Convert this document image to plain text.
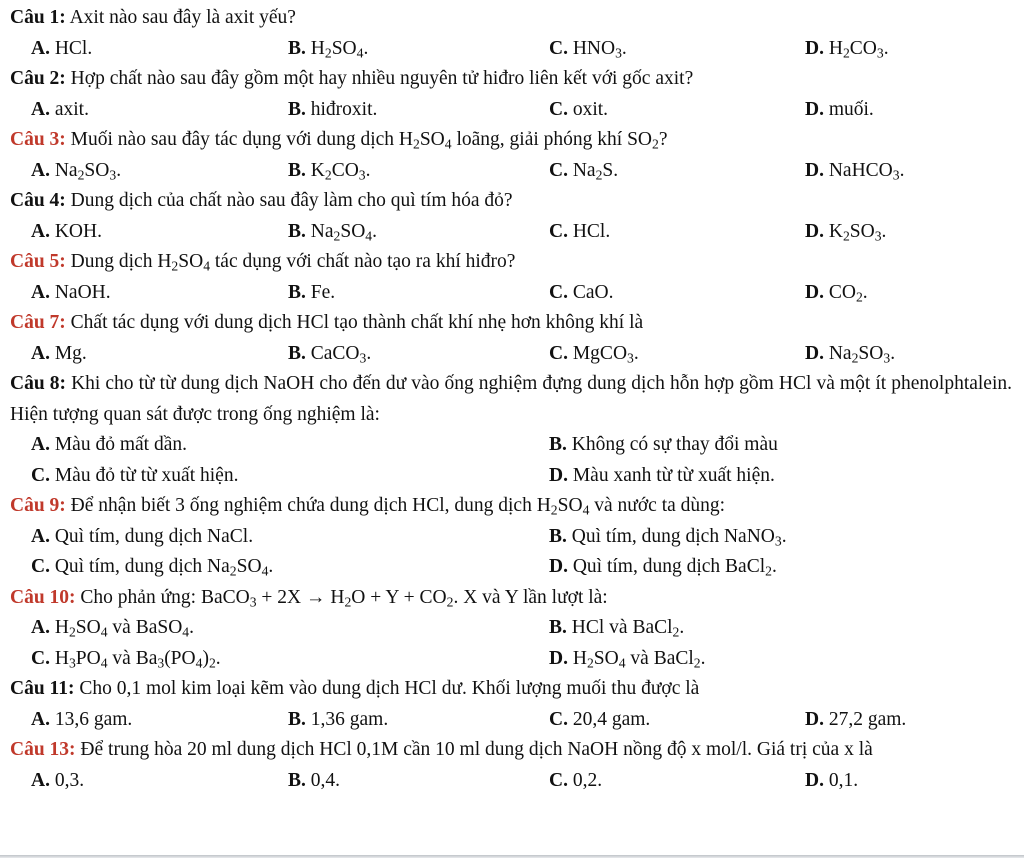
Câu 1: Axit nào sau đây là axit yếu?
A. HCl.	B. $H_2SO_4$.	C. $HNO_3$.	D. $H_2CO_3$.
Câu 2: Hợp chất nào sau đây gồm một hay nhiều nguyên tử hiđro liên kết với gốc axit?
A. axit.	B. hiđroxit.	C. oxit.	D. muối.
Câu 3: Muối nào sau đây tác dụng với dung dịch $H_2SO_4$ loãng, giải phóng khí $SO_2$?
A. $Na_2SO_3$.	B. $K_2CO_3$.	C. $Na_2S$.	D. NaHCO$_3$.
Câu 4: Dung dịch của chất nào sau đây làm cho quì tím hóa đỏ?
A. KOH.	B. $Na_2SO_4$.	C. HCl.	D. $K_2SO_3$.
Câu 5: Dung dịch $H_2SO_4$ tác dụng với chất nào tạo ra khí hiđro?
A. NaOH.	B. Fe.	C. CaO.	D. $CO_2$.
Câu 7: Chất tác dụng với dung dịch HCl tạo thành chất khí nhẹ hơn không khí là
A. Mg.	B. CaCO$_3$.	C. MgCO$_3$.	D. $Na_2SO_3$.
Câu 8: Khi cho từ từ dung dịch NaOH cho đến dư vào ống nghiệm đựng dung dịch hỗn hợp gồm HCl và một ít phenolphtalein. Hiện tượng quan sát được trong ống nghiệm là:
A. Màu đỏ mất dần.	B. Không có sự thay đổi màu
C. Màu đỏ từ từ xuất hiện.	D. Màu xanh từ từ xuất hiện.
Câu 9: Để nhận biết 3 ống nghiệm chứa dung dịch HCl, dung dịch $H_2SO_4$ và nước ta dùng:
A. Quì tím, dung dịch NaCl.	B. Quì tím, dung dịch NaNO$_3$.
C. Quì tím, dung dịch $Na_2SO_4$.	D. Quì tím, dung dịch BaCl$_2$.
Câu 10: Cho phản ứng: BaCO$_3$ + $2X \to H_2O + Y + CO_2$. X và Y lần lượt là:
A. $H_2SO_4$ và BaSO$_4$.	B. HCl và BaCl$_2$.
C. $H_3PO_4$ và $Ba_3(PO_4)_2$.	D. $H_2SO_4$ và BaCl$_2$.
Câu 11: Cho 0,1 mol kim loại kẽm vào dung dịch HCl dư. Khối lượng muối thu được là
A. 13,6 gam.	B. 1,36 gam.	C. 20,4 gam.	D. 27,2 gam.
Câu 13: Để trung hòa 20 ml dung dịch HCl 0,1M cần 10 ml dung dịch NaOH nồng độ x mol/l. Giá trị của x là
A. 0,3.	B. 0,4.	C. 0,2.	D. 0,1.
